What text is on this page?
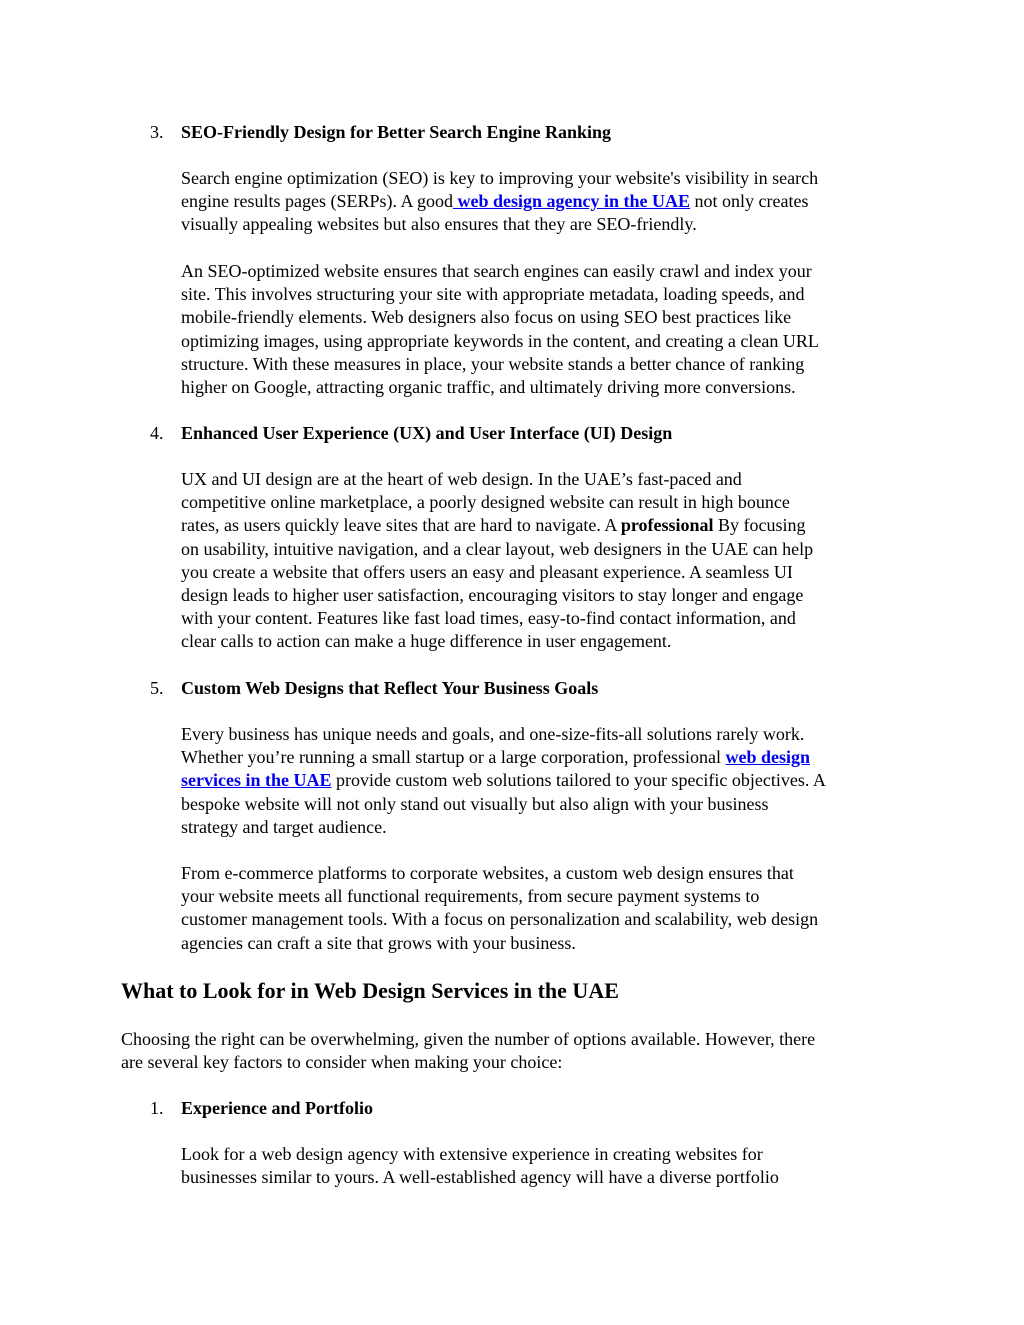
3. SEO-Friendly Design for Better Search Engine Ranking
Search engine optimization (SEO) is key to improving your website's visibility in search
engine results pages (SERPs). A good web design agency in the UAE not only creates
visually appealing websites but also ensures that they are SEO-friendly.
An SEO-optimized website ensures that search engines can easily crawl and index your
site. This involves structuring your site with appropriate metadata, loading speeds, and
mobile-friendly elements. Web designers also focus on using SEO best practices like
optimizing images, using appropriate keywords in the content, and creating a clean URL
structure. With these measures in place, your website stands a better chance of ranking
higher on Google, attracting organic traffic, and ultimately driving more conversions.
4. Enhanced User Experience (UX) and User Interface (UI) Design
UX and UI design are at the heart of web design. In the UAE’s fast-paced and
competitive online marketplace, a poorly designed website can result in high bounce
rates, as users quickly leave sites that are hard to navigate. A professional By focusing
on usability, intuitive navigation, and a clear layout, web designers in the UAE can help
you create a website that offers users an easy and pleasant experience. A seamless UI
design leads to higher user satisfaction, encouraging visitors to stay longer and engage
with your content. Features like fast load times, easy-to-find contact information, and
clear calls to action can make a huge difference in user engagement.
5. Custom Web Designs that Reflect Your Business Goals
Every business has unique needs and goals, and one-size-fits-all solutions rarely work.
Whether you’re running a small startup or a large corporation, professional web design
services in the UAE provide custom web solutions tailored to your specific objectives. A
bespoke website will not only stand out visually but also align with your business
strategy and target audience.
From e-commerce platforms to corporate websites, a custom web design ensures that
your website meets all functional requirements, from secure payment systems to
customer management tools. With a focus on personalization and scalability, web design
agencies can craft a site that grows with your business.
What to Look for in Web Design Services in the UAE
Choosing the right can be overwhelming, given the number of options available. However, there
are several key factors to consider when making your choice:
1. Experience and Portfolio
Look for a web design agency with extensive experience in creating websites for
businesses similar to yours. A well-established agency will have a diverse portfolio
